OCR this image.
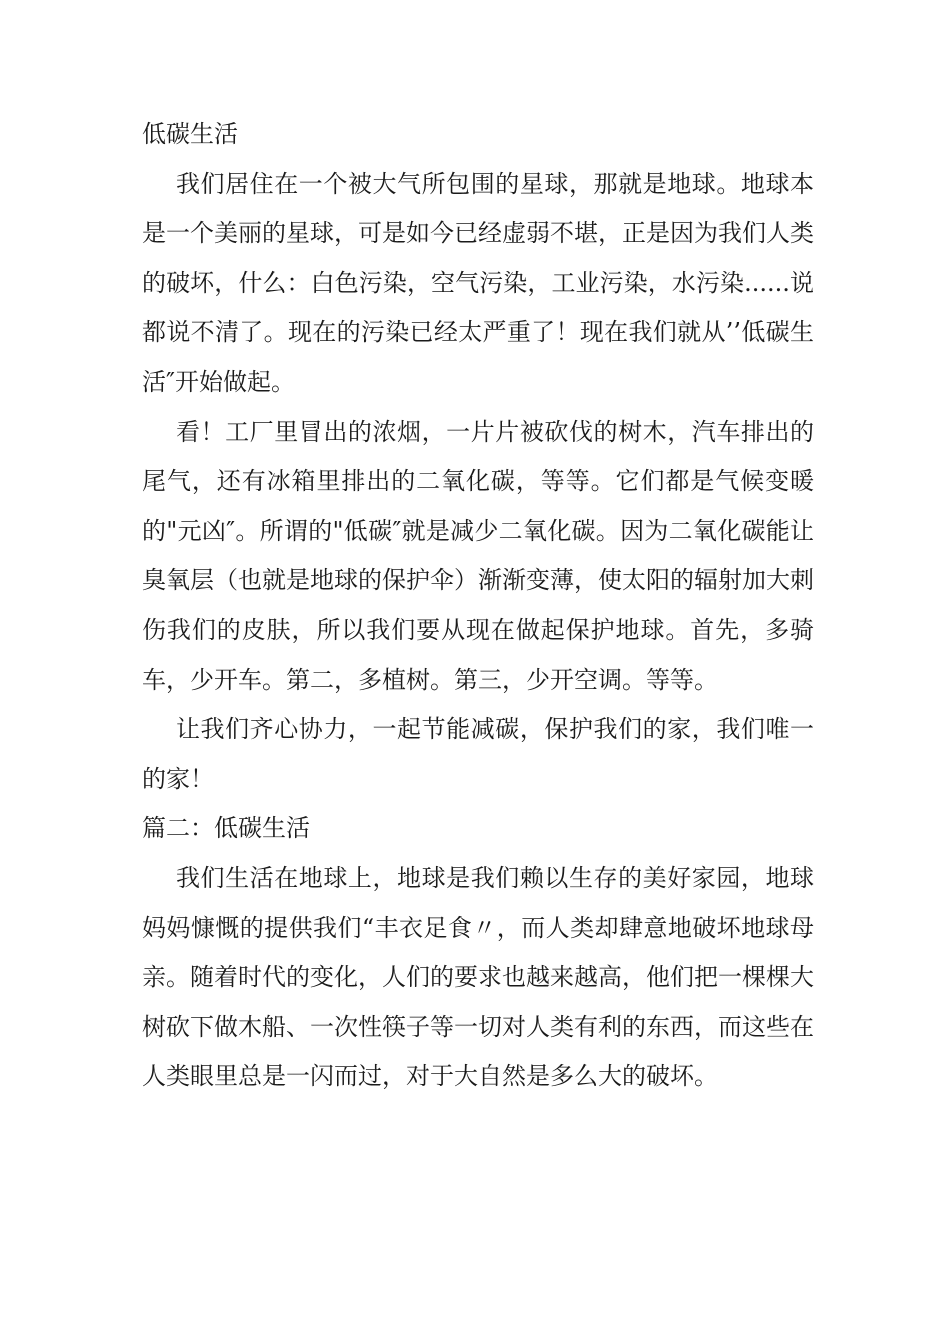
低碳生活

我们居住在一个被大气所包围的星球，那就是地球。地球本是一个美丽的星球，可是如今已经虚弱不堪，正是因为我们人类的破坏，什么：白色污染，空气污染，工业污染，水污染......说都说不清了。现在的污染已经太严重了！现在我们就从’’低碳生活″开始做起。

看！工厂里冒出的浓烟，一片片被砍伐的树木，汽车排出的尾气，还有冰箱里排出的二氧化碳，等等。它们都是气候变暖的"元凶″。所谓的"低碳″就是减少二氧化碳。因为二氧化碳能让臭氧层（也就是地球的保护伞）渐渐变薄，使太阳的辐射加大刺伤我们的皮肤，所以我们要从现在做起保护地球。首先，多骑车，少开车。第二，多植树。第三，少开空调。等等。

让我们齐心协力，一起节能减碳，保护我们的家，我们唯一的家！

篇二：低碳生活

我们生活在地球上，地球是我们赖以生存的美好家园，地球妈妈慷慨的提供我们“丰衣足食〃，而人类却肆意地破坏地球母亲。随着时代的变化，人们的要求也越来越高，他们把一棵棵大树砍下做木船、一次性筷子等一切对人类有利的东西，而这些在人类眼里总是一闪而过，对于大自然是多么大的破坏。
